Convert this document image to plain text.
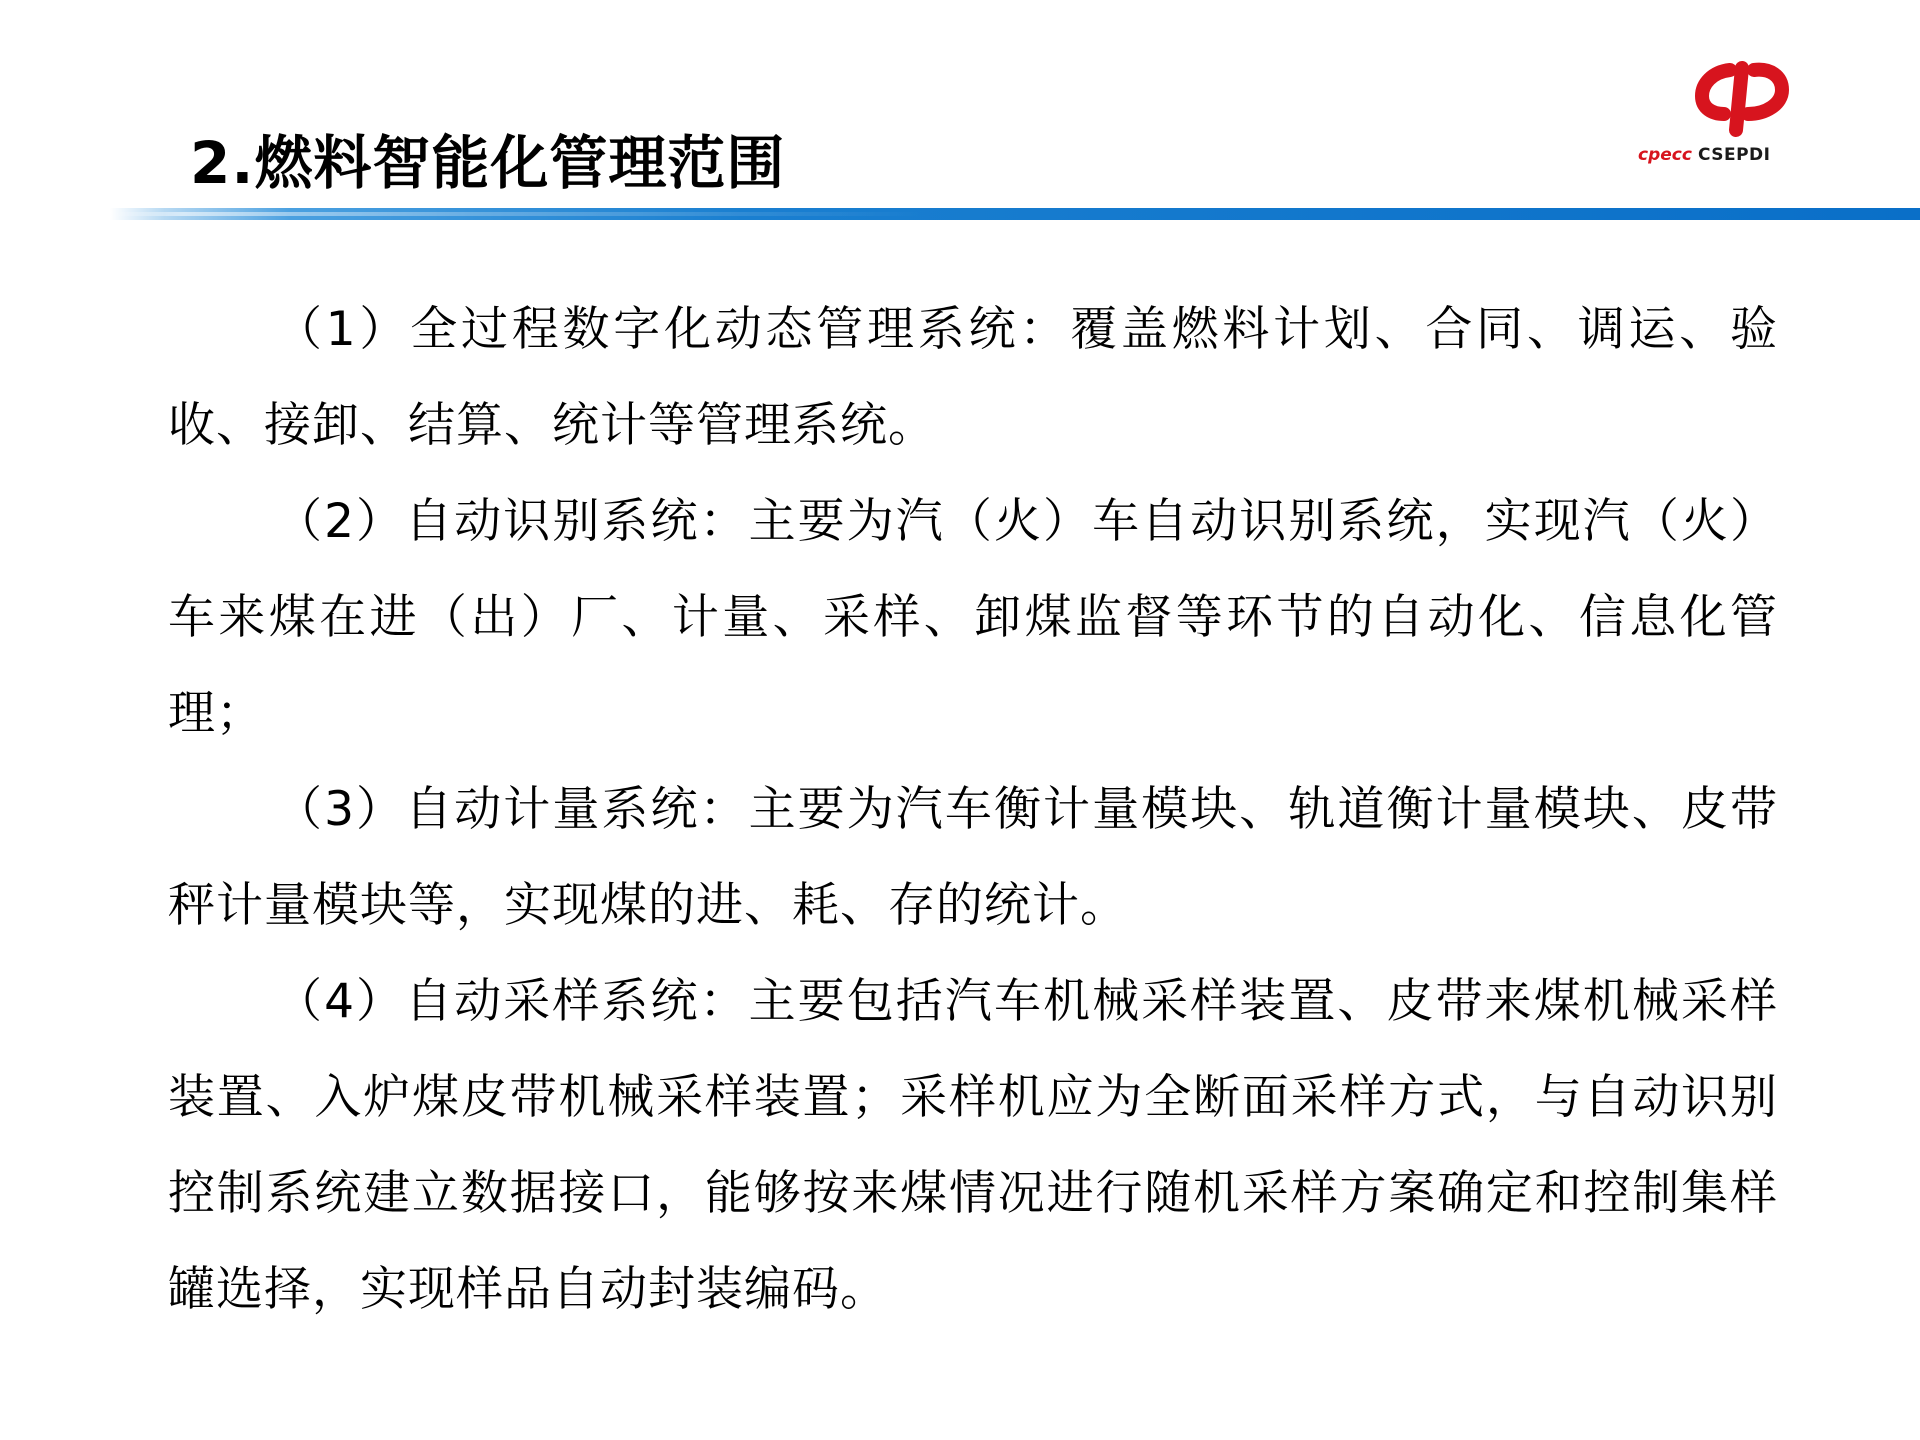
2.燃料智能化管理范围	cpecc CSEPDI

（1）全过程数字化动态管理系统：覆盖燃料计划、合同、调运、验收、接卸、结算、统计等管理系统。

（2）自动识别系统：主要为汽（火）车自动识别系统，实现汽（火）车来煤在进（出）厂、计量、采样、卸煤监督等环节的自动化、信息化管理；

（3）自动计量系统：主要为汽车衡计量模块、轨道衡计量模块、皮带秤计量模块等，实现煤的进、耗、存的统计。

（4）自动采样系统：主要包括汽车机械采样装置、皮带来煤机械采样装置、入炉煤皮带机械采样装置；采样机应为全断面采样方式，与自动识别控制系统建立数据接口，能够按来煤情况进行随机采样方案确定和控制集样罐选择，实现样品自动封装编码。
